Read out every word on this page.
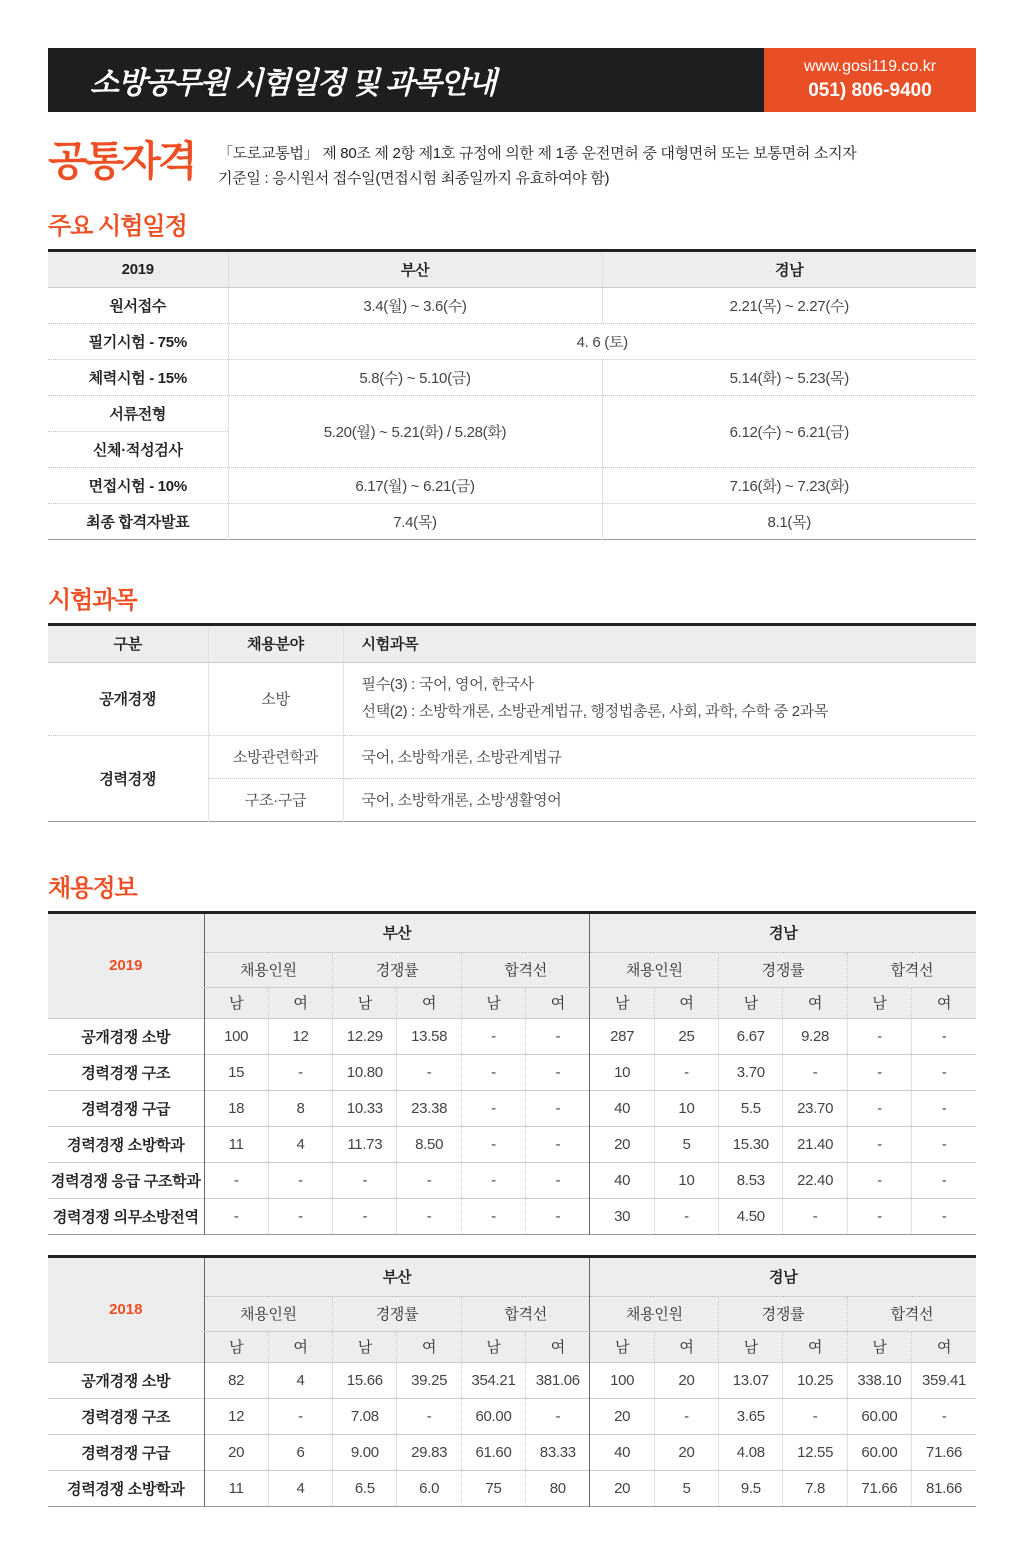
소방공무원 시험일정 및 과목안내
www.gosi119.co.kr
051) 806-9400
공통자격	「도로교통법」 제 80조 제 2항 제1호 규정에 의한 제 1종 운전면허 중 대형면허 또는 보통면허 소지자
기준일 : 응시원서 접수일(면접시험 최종일까지 유효하여야 함)
주요 시험일정
2019	부산	경남
원서접수	3.4(월) ~ 3.6(수)	2.21(목) ~ 2.27(수)
필기시험 - 75%	4. 6 (토)	
체력시험 - 15%	5.8(수) ~ 5.10(금)	5.14(화) ~ 5.23(목)
서류전형	5.20(월) ~ 5.21(화) / 5.28(화)	6.12(수) ~ 6.21(금)
신체·적성검사		
면접시험 - 10%	6.17(월) ~ 6.21(금)	7.16(화) ~ 7.23(화)
최종 합격자발표	7.4(목)	8.1(목)
시험과목
구분	채용분야	시험과목
공개경쟁	소방	필수(3) : 국어, 영어, 한국사
선택(2) : 소방학개론, 소방관계법규, 행정법총론, 사회, 과학, 수학 중 2과목

경력경쟁	소방관련학과	국어, 소방학개론, 소방관계법규
	구조·구급	국어, 소방학개론, 소방생활영어
채용정보
2019	부산						경남					
	채용인원		경쟁률		합격선		채용인원		경쟁률		합격선	
	남	여	남	여	남	여	남	여	남	여	남	여
공개경쟁 소방	100	12	12.29	13.58	-	-	287	25	6.67	9.28	-	-
경력경쟁 구조	15	-	10.80	-	-	-	10	-	3.70	-	-	-
경력경쟁 구급	18	8	10.33	23.38	-	-	40	10	5.5	23.70	-	-
경력경쟁 소방학과	11	4	11.73	8.50	-	-	20	5	15.30	21.40	-	-
경력경쟁 응급 구조학과	-	-	-	-	-	-	40	10	8.53	22.40	-	-
경력경쟁 의무소방전역	-	-	-	-	-	-	30	-	4.50	-	-	-
2018	부산						경남					
	채용인원		경쟁률		합격선		채용인원		경쟁률		합격선	
	남	여	남	여	남	여	남	여	남	여	남	여
공개경쟁 소방	82	4	15.66	39.25	354.21	381.06	100	20	13.07	10.25	338.10	359.41
경력경쟁 구조	12	-	7.08	-	60.00	-	20	-	3.65	-	60.00	-
경력경쟁 구급	20	6	9.00	29.83	61.60	83.33	40	20	4.08	12.55	60.00	71.66
경력경쟁 소방학과	11	4	6.5	6.0	75	80	20	5	9.5	7.8	71.66	81.66
